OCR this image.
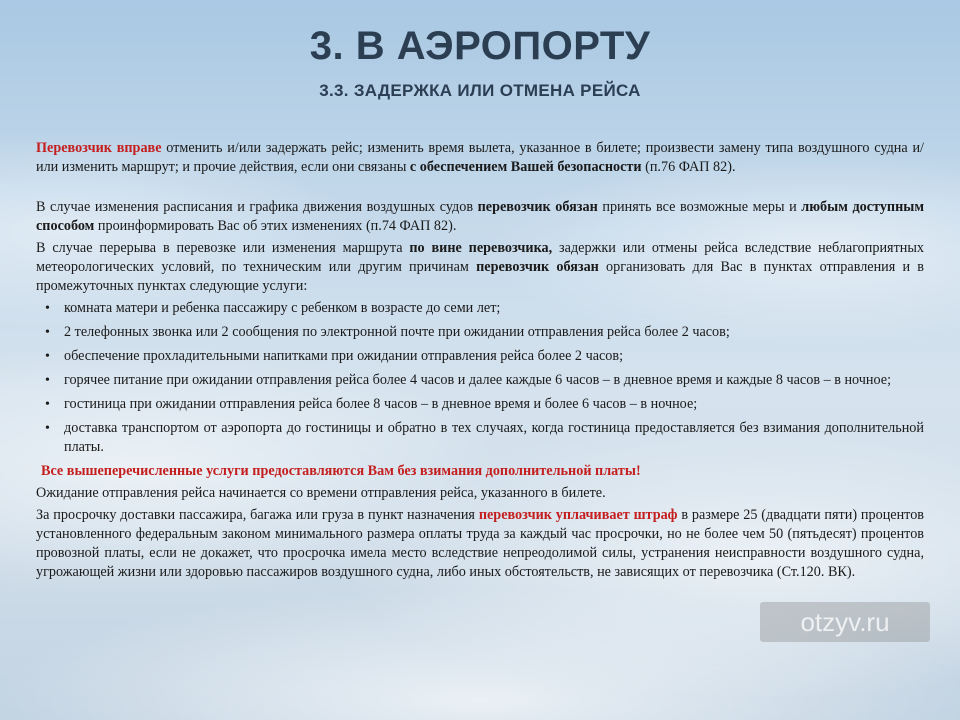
3. В АЭРОПОРТУ
3.3. ЗАДЕРЖКА ИЛИ ОТМЕНА РЕЙСА

Перевозчик вправе отменить и/или задержать рейс; изменить время вылета, указанное в билете; произвести замену типа воздушного судна и/или изменить маршрут; и прочие действия, если они связаны с обеспечением Вашей безопасности (п.76 ФАП 82).

В случае изменения расписания и графика движения воздушных судов перевозчик обязан принять все возможные меры и любым доступным способом проинформировать Вас об этих изменениях (п.74 ФАП 82).

В случае перерыва в перевозке или изменения маршрута по вине перевозчика, задержки или отмены рейса вследствие неблагоприятных метеорологических условий, по техническим или другим причинам перевозчик обязан организовать для Вас в пунктах отправления и в промежуточных пунктах следующие услуги:

• комната матери и ребенка пассажиру с ребенком в возрасте до семи лет;
• 2 телефонных звонка или 2 сообщения по электронной почте при ожидании отправления рейса более 2 часов;
• обеспечение прохладительными напитками при ожидании отправления рейса более 2 часов;
• горячее питание при ожидании отправления рейса более 4 часов и далее каждые 6 часов – в дневное время и каждые 8 часов – в ночное;
• гостиница при ожидании отправления рейса более 8 часов – в дневное время и более 6 часов – в ночное;
• доставка транспортом от аэропорта до гостиницы и обратно в тех случаях, когда гостиница предоставляется без взимания дополнительной платы.

Все вышеперечисленные услуги предоставляются Вам без взимания дополнительной платы!

Ожидание отправления рейса начинается со времени отправления рейса, указанного в билете.

За просрочку доставки пассажира, багажа или груза в пункт назначения перевозчик уплачивает штраф в размере 25 (двадцати пяти) процентов установленного федеральным законом минимального размера оплаты труда за каждый час просрочки, но не более чем 50 (пятьдесят) процентов провозной платы, если не докажет, что просрочка имела место вследствие непреодолимой силы, устранения неисправности воздушного судна, угрожающей жизни или здоровью пассажиров воздушного судна, либо иных обстоятельств, не зависящих от перевозчика (Ст.120. ВК).

otzyv.ru
